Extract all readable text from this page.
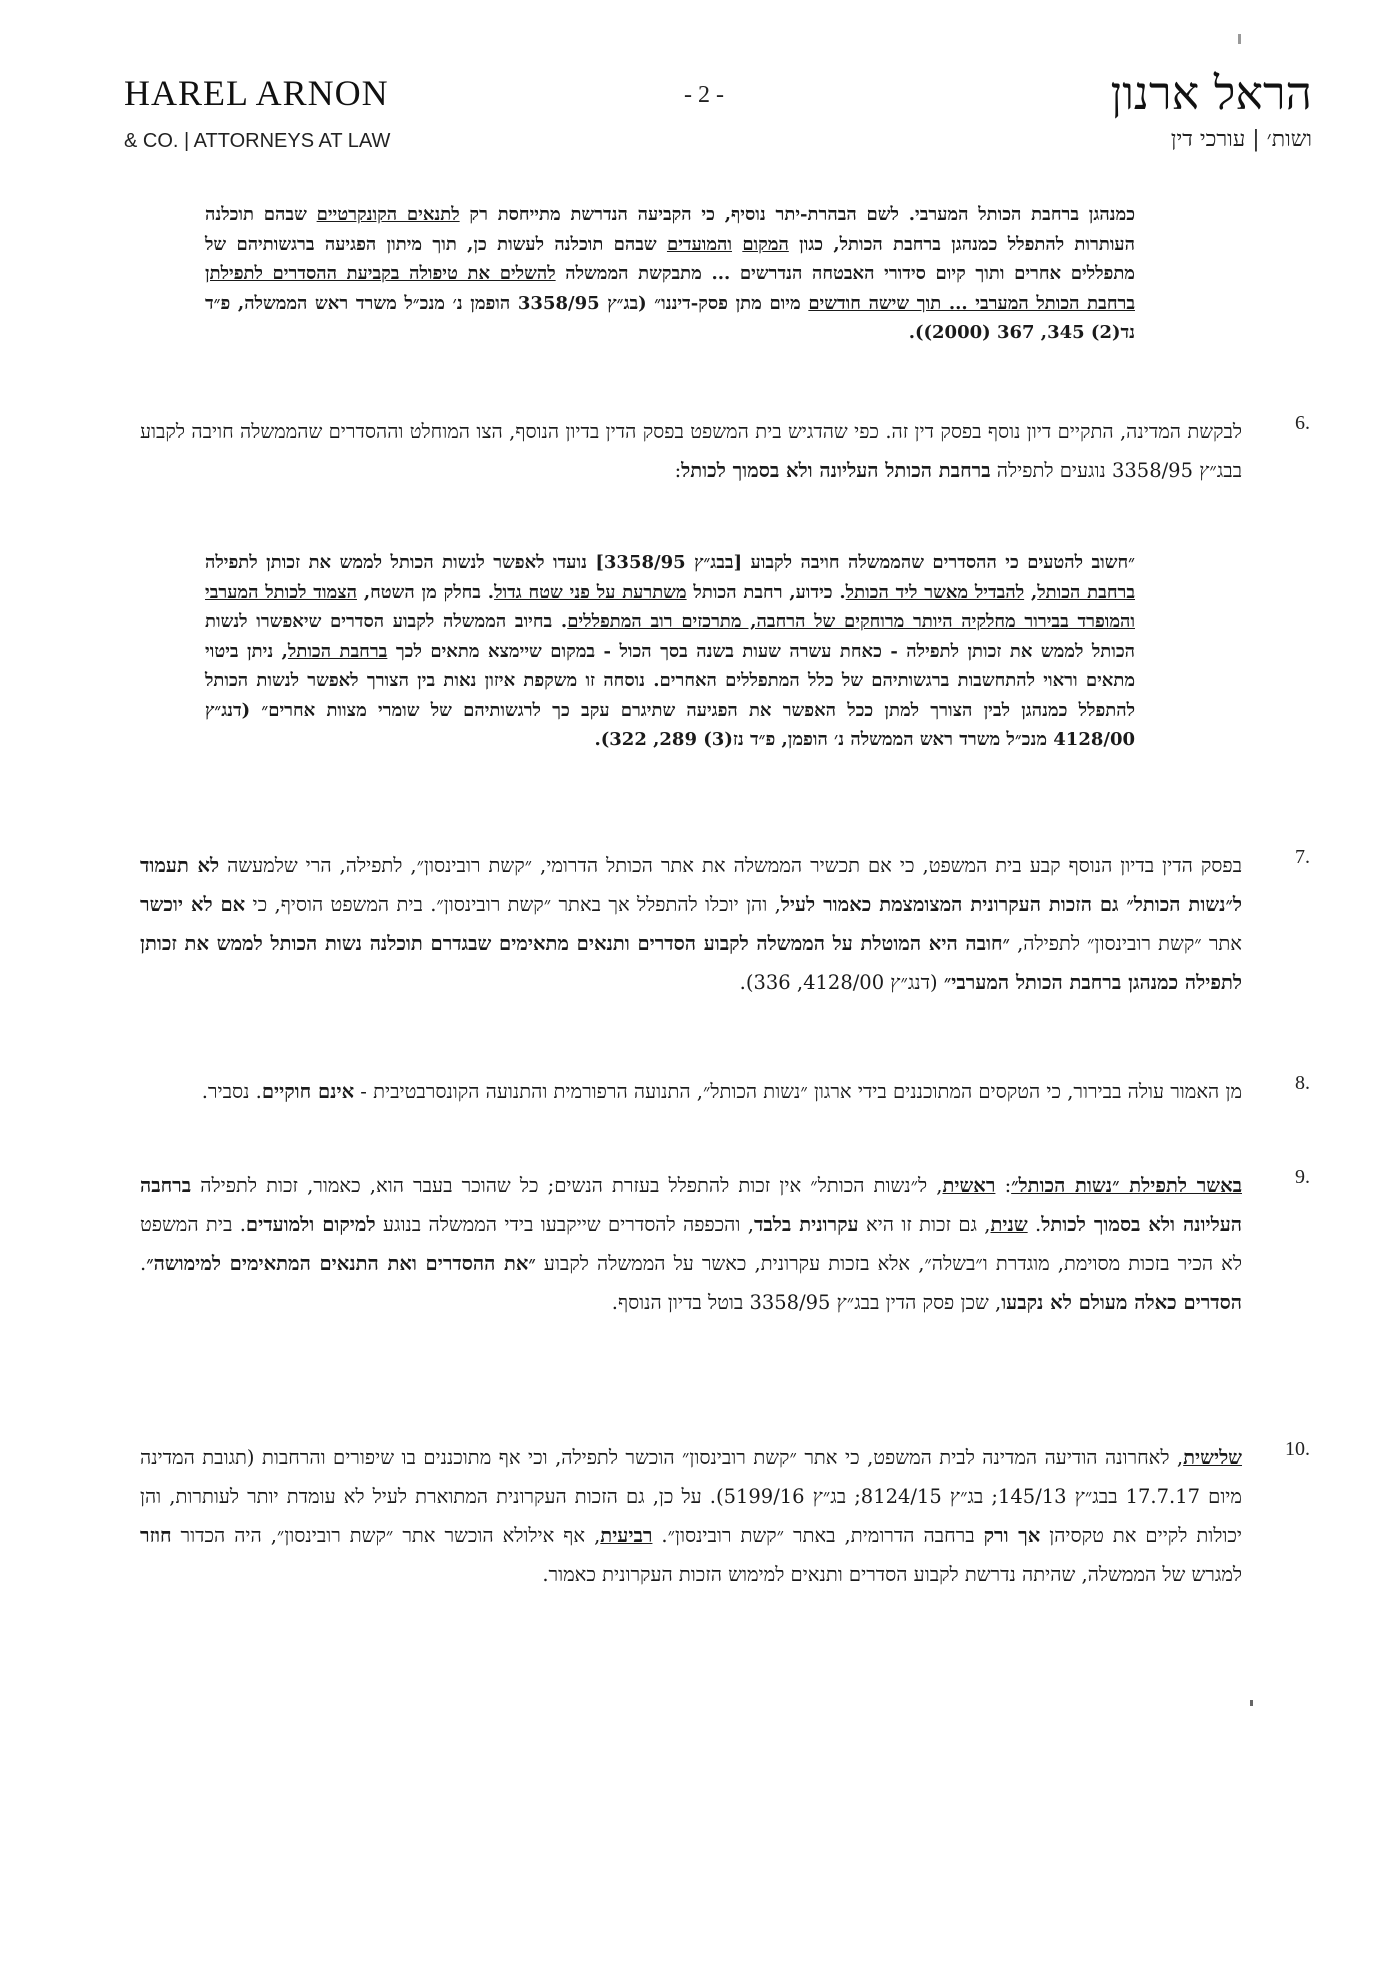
HAREL ARNON
& CO. | ATTORNEYS AT LAW
- 2 -	הראל ארנון
ושות׳ | עורכי דין
כמנהגן ברחבת הכותל המערבי. לשם הבהרת-יתר נוסיף, כי הקביעה הנדרשת מתייחסת רק לתנאים הקונקרטיים שבהם תוכלנה העותרות להתפלל כמנהגן ברחבת הכותל, כגון המקום והמועדים שבהם תוכלנה לעשות כן, תוך מיתון הפגיעה ברגשותיהם של מתפללים אחרים ותוך קיום סידורי האבטחה הנדרשים ... מתבקשת הממשלה להשלים את טיפולה בקביעת ההסדרים לתפילתן ברחבת הכותל המערבי ... תוך שישה חודשים מיום מתן פסק-דיננו״ (בג״ץ 3358/95 הופמן נ׳ מנכ״ל משרד ראש הממשלה, פ״ד נד(2) 345, 367 (2000)).
6.
לבקשת המדינה, התקיים דיון נוסף בפסק דין זה. כפי שהדגיש בית המשפט בפסק הדין בדיון הנוסף, הצו המוחלט וההסדרים שהממשלה חויבה לקבוע בבג״ץ 3358/95 נוגעים לתפילה ברחבת הכותל העליונה ולא בסמוך לכותל:
״חשוב להטעים כי ההסדרים שהממשלה חויבה לקבוע [בבג״ץ 3358/95] נועדו לאפשר לנשות הכותל לממש את זכותן לתפילה ברחבת הכותל, להבדיל מאשר ליד הכותל. כידוע, רחבת הכותל משתרעת על פני שטח גדול. בחלק מן השטח, הצמוד לכותל המערבי והמופרד בבירור מחלקיה היותר מרוחקים של הרחבה, מתרכזים רוב המתפללים. בחיוב הממשלה לקבוע הסדרים שיאפשרו לנשות הכותל לממש את זכותן לתפילה - כאחת עשרה שעות בשנה בסך הכול - במקום שיימצא מתאים לכך ברחבת הכותל, ניתן ביטוי מתאים וראוי להתחשבות ברגשותיהם של כלל המתפללים האחרים. נוסחה זו משקפת איזון נאות בין הצורך לאפשר לנשות הכותל להתפלל כמנהגן לבין הצורך למתן ככל האפשר את הפגיעה שתיגרם עקב כך לרגשותיהם של שומרי מצוות אחרים״ (דנג״ץ 4128/00 מנכ״ל משרד ראש הממשלה נ׳ הופמן, פ״ד נז(3) 289, 322).
7.
בפסק הדין בדיון הנוסף קבע בית המשפט, כי אם תכשיר הממשלה את אתר הכותל הדרומי, ״קשת רובינסון״, לתפילה, הרי שלמעשה לא תעמוד ל״נשות הכותל״ גם הזכות העקרונית המצומצמת כאמור לעיל, והן יוכלו להתפלל אך באתר ״קשת רובינסון״. בית המשפט הוסיף, כי אם לא יוכשר אתר ״קשת רובינסון״ לתפילה, ״חובה היא המוטלת על הממשלה לקבוע הסדרים ותנאים מתאימים שבגדרם תוכלנה נשות הכותל לממש את זכותן לתפילה כמנהגן ברחבת הכותל המערבי״ (דנג״ץ 4128/00, 336).
8.
מן האמור עולה בבירור, כי הטקסים המתוכננים בידי ארגון ״נשות הכותל״, התנועה הרפורמית והתנועה הקונסרבטיבית - אינם חוקיים. נסביר.
9.
באשר לתפילת ״נשות הכותל״: ראשית, ל״נשות הכותל״ אין זכות להתפלל בעזרת הנשים; כל שהוכר בעבר הוא, כאמור, זכות לתפילה ברחבה העליונה ולא בסמוך לכותל. שנית, גם זכות זו היא עקרונית בלבד, והכפפה להסדרים שייקבעו בידי הממשלה בנוגע למיקום ולמועדים. בית המשפט לא הכיר בזכות מסוימת, מוגדרת ו״בשלה״, אלא בזכות עקרונית, כאשר על הממשלה לקבוע ״את ההסדרים ואת התנאים המתאימים למימושה״. הסדרים כאלה מעולם לא נקבעו, שכן פסק הדין בבג״ץ 3358/95 בוטל בדיון הנוסף.
10.
שלישית, לאחרונה הודיעה המדינה לבית המשפט, כי אתר ״קשת רובינסון״ הוכשר לתפילה, וכי אף מתוכננים בו שיפורים והרחבות (תגובת המדינה מיום 17.7.17 בבג״ץ 145/13; בג״ץ 8124/15; בג״ץ 5199/16). על כן, גם הזכות העקרונית המתוארת לעיל לא עומדת יותר לעותרות, והן יכולות לקיים את טקסיהן אך ורק ברחבה הדרומית, באתר ״קשת רובינסון״. רביעית, אף אילולא הוכשר אתר ״קשת רובינסון״, היה הכדור חוזר למגרש של הממשלה, שהיתה נדרשת לקבוע הסדרים ותנאים למימוש הזכות העקרונית כאמור.
